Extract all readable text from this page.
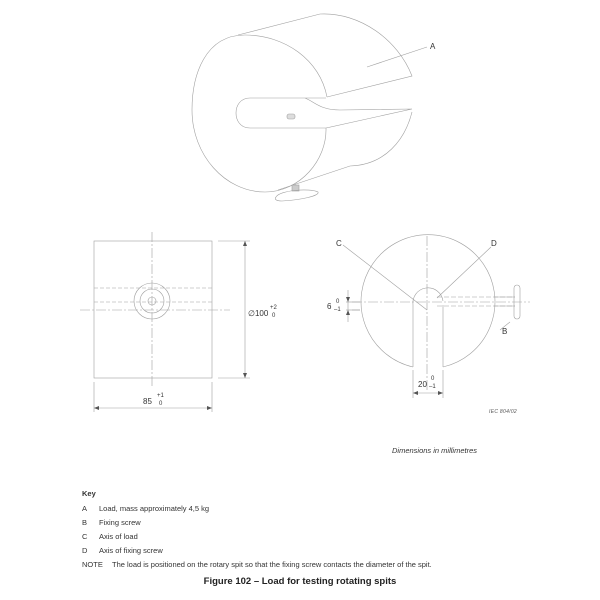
A
C	D
B
∅100
+2
0
85
+1
0
6 0
–1
20
0
–1
IEC 804/02
Dimensions in millimetres
Key
A	Load, mass approximately 4,5 kg
B	Fixing screw
C	Axis of load
D	Axis of fixing screw
NOTE	The load is positioned on the rotary spit so that the fixing screw contacts the diameter of the spit.
Figure 102 – Load for testing rotating spits
